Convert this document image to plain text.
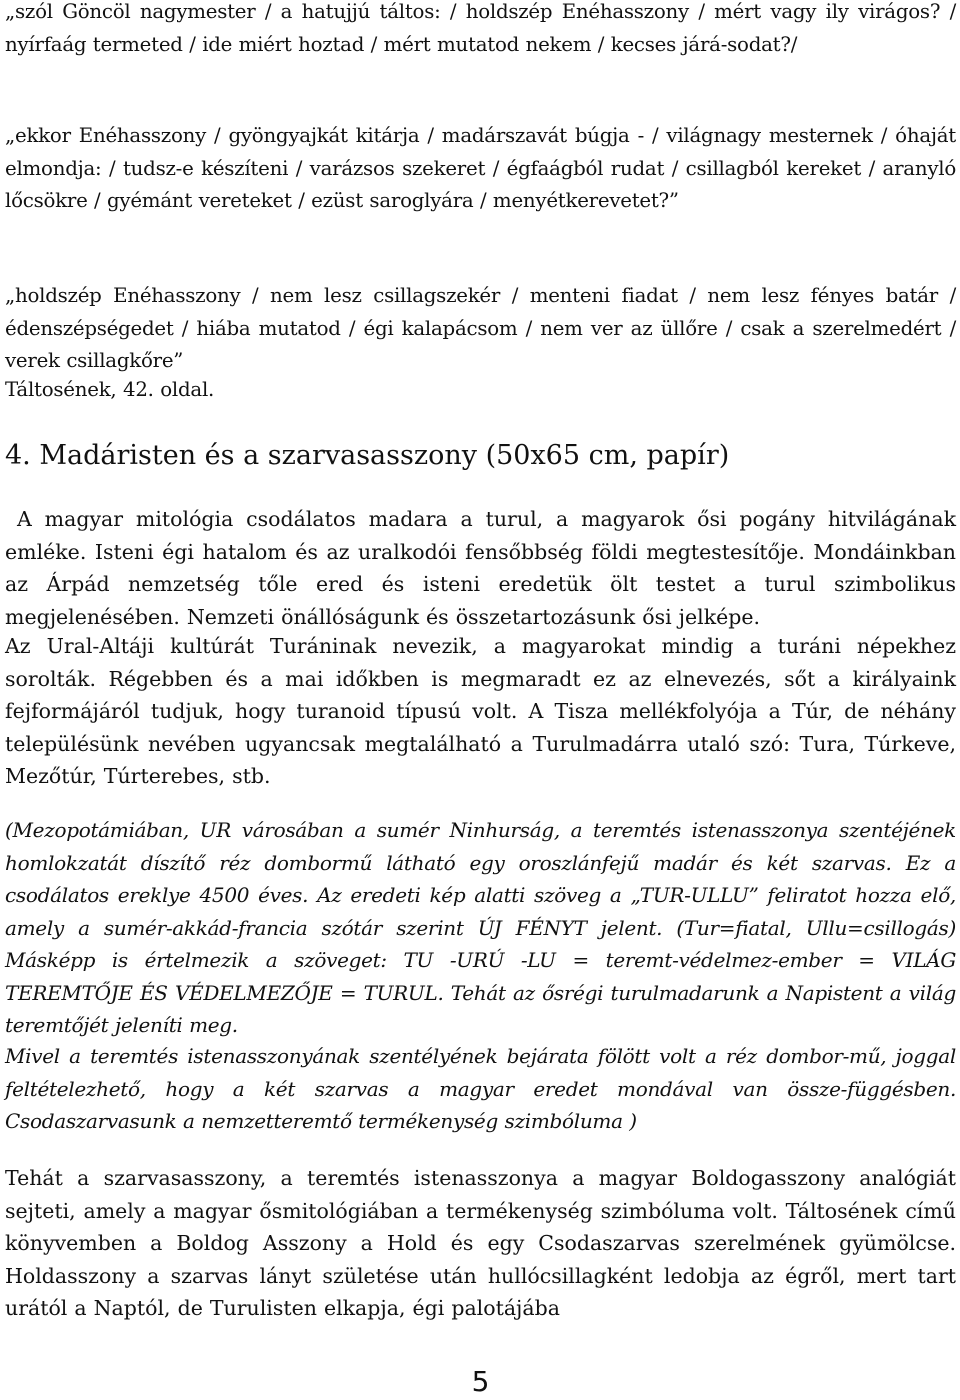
„szól Göncöl nagymester / a hatujjú táltos: / holdszép Enéhasszony / mért vagy ily virágos? / nyírfaág termeted / ide miért hoztad / mért mutatod nekem / kecses járá-sodat?/

„ekkor Enéhasszony / gyöngyajkát kitárja / madárszavát búgja - / világnagy mesternek / óhaját elmondja: / tudsz-e készíteni / varázsos szekeret / égfaágból rudat / csillagból kereket / aranyló lőcsökre / gyémánt vereteket / ezüst saroglyára / menyétkerevetet?”

„holdszép Enéhasszony / nem lesz csillagszekér / menteni fiadat / nem lesz fényes batár / édenszépségedet / hiába mutatod / égi kalapácsom / nem ver az üllőre / csak a szerelmedért / verek csillagkőre”

Táltosének, 42. oldal.

4. Madáristen és a szarvasasszony (50x65 cm, papír)

A magyar mitológia csodálatos madara a turul, a magyarok ősi pogány hitvilágának emléke. Isteni égi hatalom és az uralkodói fensőbbség földi megtestesítője. Mondáinkban az Árpád nemzetség tőle ered és isteni eredetük ölt testet a turul szimbolikus megjelenésében. Nemzeti önállóságunk és összetartozásunk ősi jelképe.

Az Ural-Altáji kultúrát Turáninak nevezik, a magyarokat mindig a turáni népekhez sorolták. Régebben és a mai időkben is megmaradt ez az elnevezés, sőt a királyaink fejformájáról tudjuk, hogy turanoid típusú volt. A Tisza mellékfolyója a Túr, de néhány településünk nevében ugyancsak megtalálható a Turulmadárra utaló szó: Tura, Túrkeve, Mezőtúr, Túrterebes, stb.

(Mezopotámiában, UR városában a sumér Ninhurság, a teremtés istenasszonya szentéjének homlokzatát díszítő réz dombormű látható egy oroszlánfejű madár és két szarvas. Ez a csodálatos ereklye 4500 éves. Az eredeti kép alatti szöveg a „TUR-ULLU” feliratot hozza elő, amely a sumér-akkád-francia szótár szerint ÚJ FÉNYT jelent. (Tur=fiatal, Ullu=csillogás) Másképp is értelmezik a szöveget: TU -URÚ -LU = teremt-védelmez-ember = VILÁG TEREMTŐJE ÉS VÉDELMEZŐJE = TURUL. Tehát az ősrégi turulmadarunk a Napistent a világ teremtőjét jeleníti meg.

Mivel a teremtés istenasszonyának szentélyének bejárata fölött volt a réz dombor-mű, joggal feltételezhető, hogy a két szarvas a magyar eredet mondával van össze-függésben. Csodaszarvasunk a nemzetteremtő termékenység szimbóluma )

Tehát a szarvasasszony, a teremtés istenasszonya a magyar Boldogasszony analógiát sejteti, amely a magyar ősmitológiában a termékenység szimbóluma volt. Táltosének című könyvemben a Boldog Asszony a Hold és egy Csodaszarvas szerelmének gyümölcse. Holdasszony a szarvas lányt születése után hullócsillagként ledobja az égről, mert tart urától a Naptól, de Turulisten elkapja, égi palotájába

5
